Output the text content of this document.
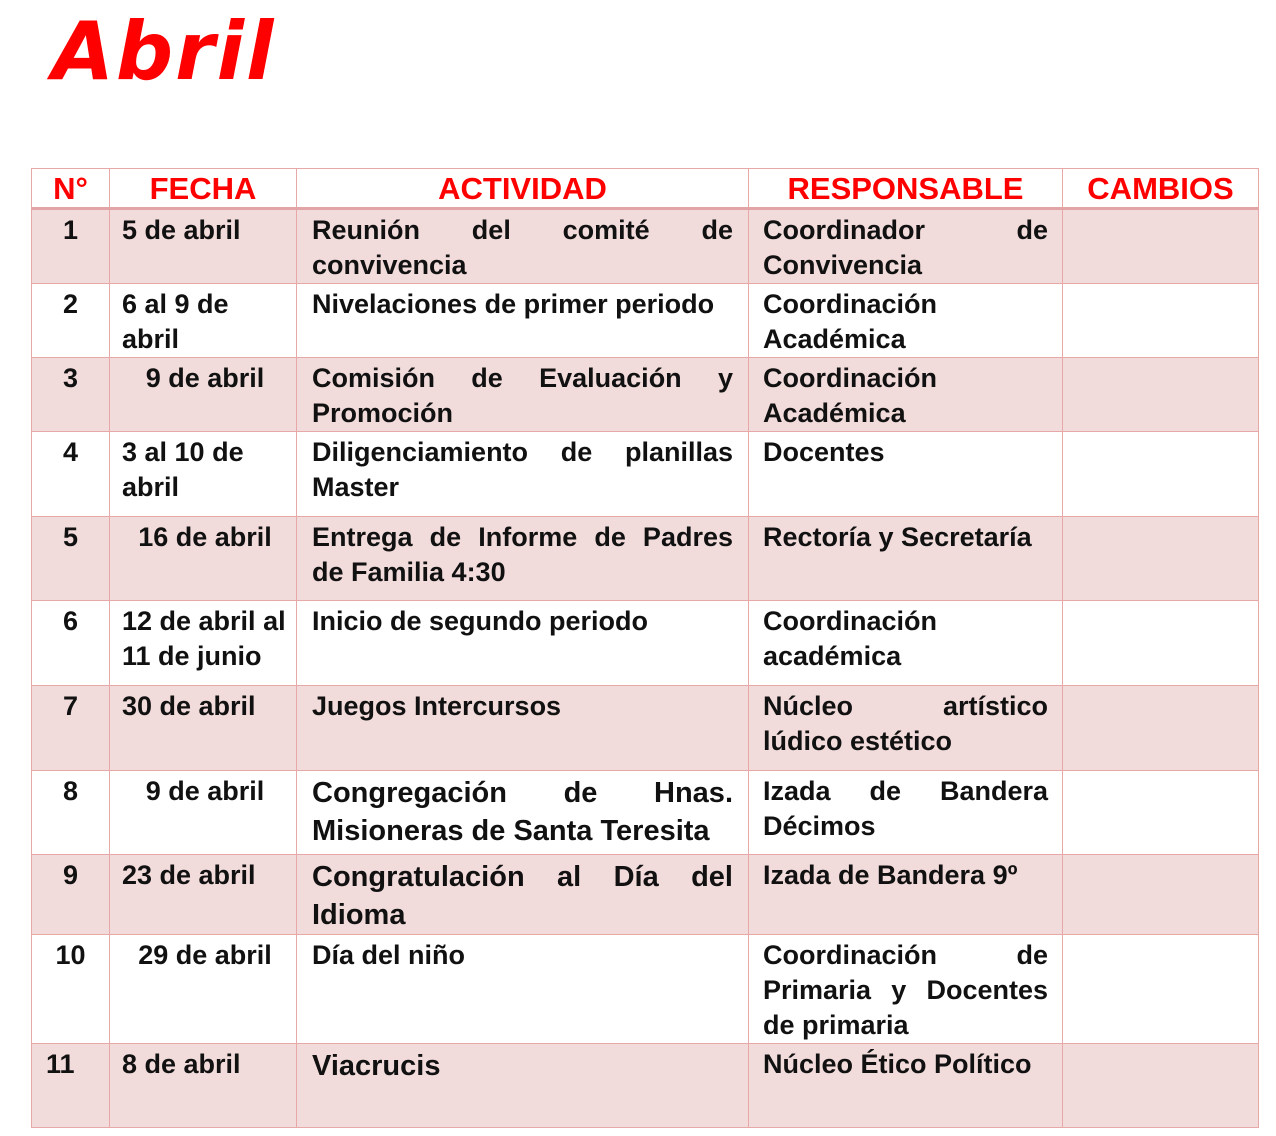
Abril
N°	FECHA	ACTIVIDAD	RESPONSABLE	CAMBIOS
1	5 de abril	Reunión del comité de convivencia	Coordinador de Convivencia	
2	6 al 9 de abril	Nivelaciones de primer periodo	Coordinación Académica	
3	9 de abril	Comisión de Evaluación y Promoción	Coordinación Académica	
4	3 al 10 de abril	Diligenciamiento de planillas Master	Docentes	
5	16 de abril	Entrega de Informe de Padres de Familia 4:30	Rectoría y Secretaría	
6	12 de abril al 11 de junio	Inicio de segundo periodo	Coordinación académica	
7	30 de abril	Juegos Intercursos	Núcleo artístico lúdico estético	
8	9 de abril	Congregación de Hnas. Misioneras de Santa Teresita	Izada de Bandera Décimos	
9	23 de abril	Congratulación al Día del Idioma	Izada de Bandera 9º	
10	29 de abril	Día del niño	Coordinación de Primaria y Docentes de primaria	
11	8 de abril	Viacrucis	Núcleo Ético Político	
